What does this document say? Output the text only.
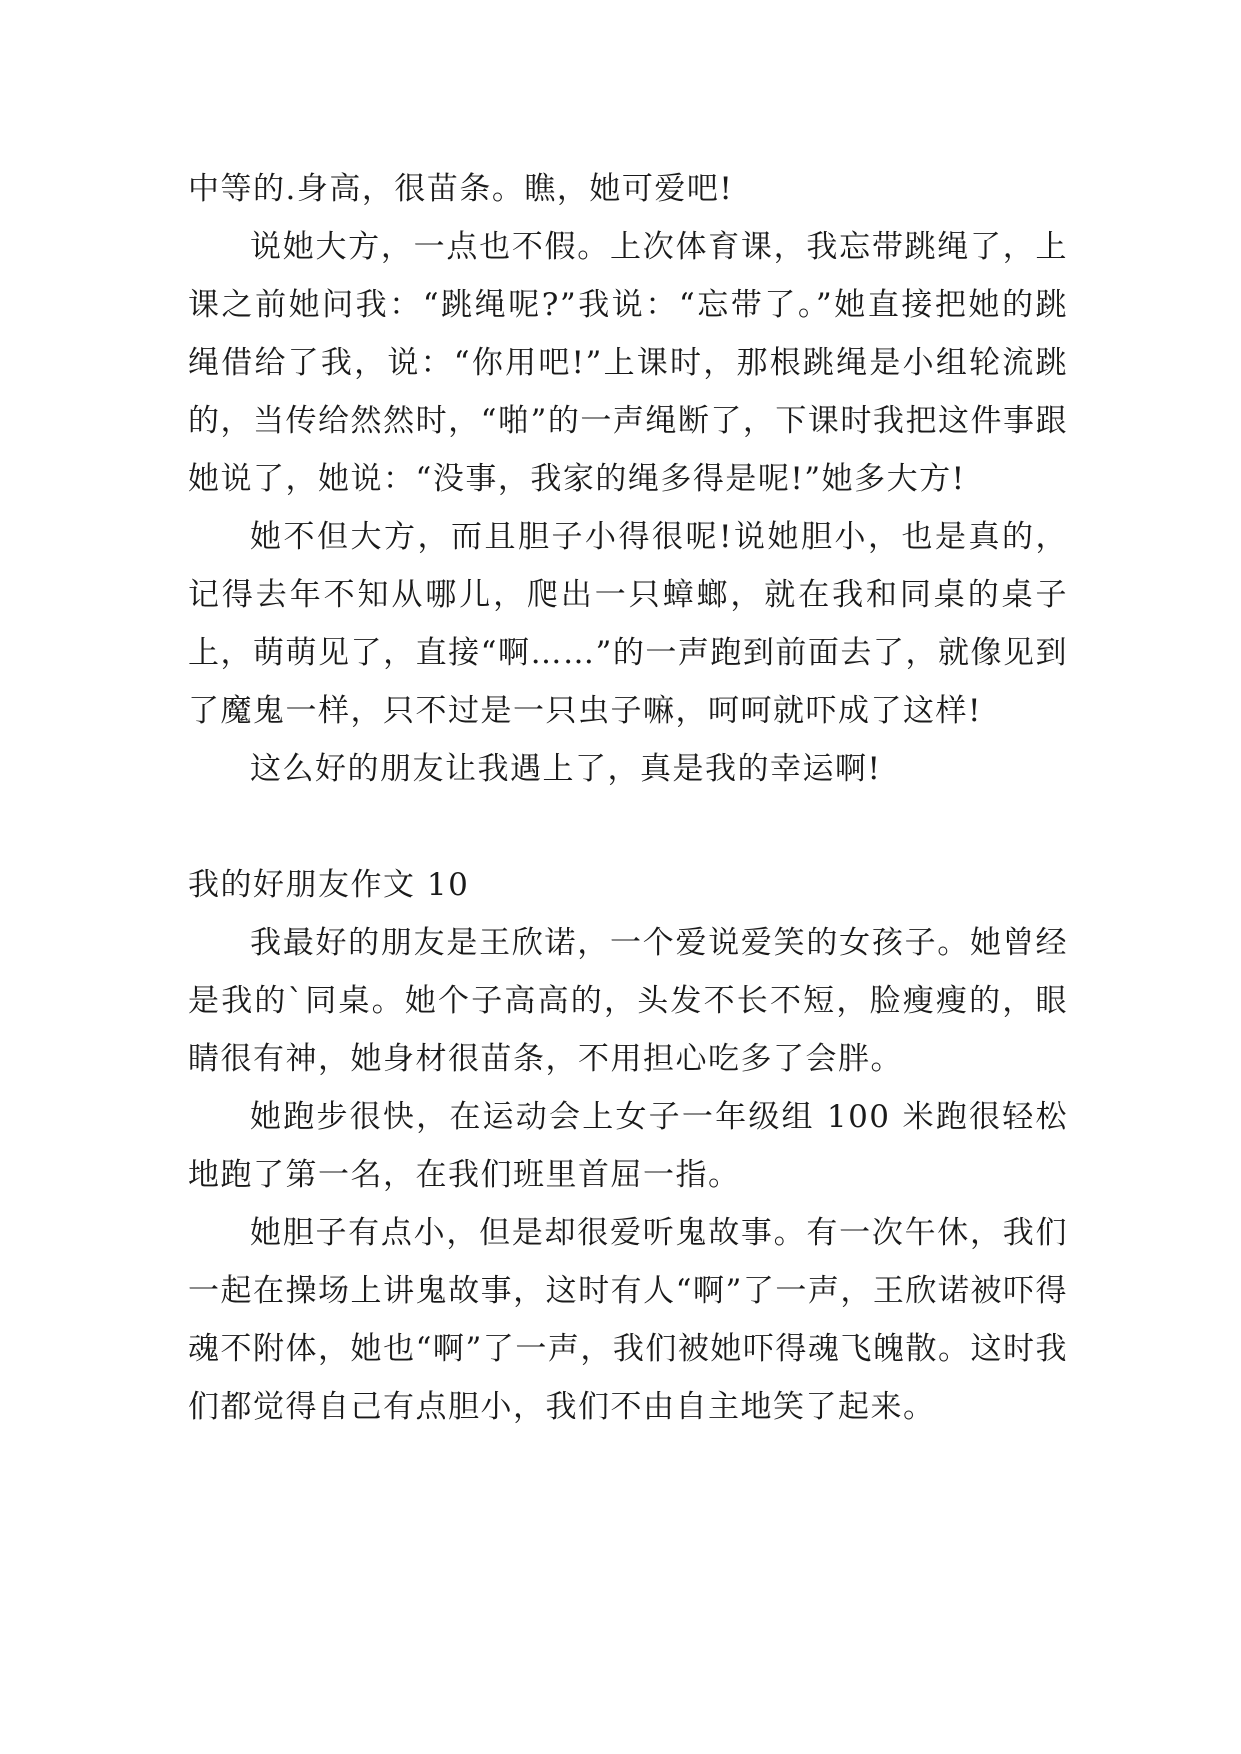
中等的.身高，很苗条。瞧，她可爱吧!

说她大方，一点也不假。上次体育课，我忘带跳绳了，上课之前她问我：“跳绳呢?”我说：“忘带了。”她直接把她的跳绳借给了我，说：“你用吧!”上课时，那根跳绳是小组轮流跳的，当传给然然时，“啪”的一声绳断了，下课时我把这件事跟她说了，她说：“没事，我家的绳多得是呢!”她多大方!

她不但大方，而且胆子小得很呢!说她胆小，也是真的，记得去年不知从哪儿，爬出一只蟑螂，就在我和同桌的桌子上，萌萌见了，直接“啊……”的一声跑到前面去了，就像见到了魔鬼一样，只不过是一只虫子嘛，呵呵就吓成了这样!

这么好的朋友让我遇上了，真是我的幸运啊!

我的好朋友作文 10

我最好的朋友是王欣诺，一个爱说爱笑的女孩子。她曾经是我的`同桌。她个子高高的，头发不长不短，脸瘦瘦的，眼睛很有神，她身材很苗条，不用担心吃多了会胖。

她跑步很快，在运动会上女子一年级组 100 米跑很轻松地跑了第一名，在我们班里首屈一指。

她胆子有点小，但是却很爱听鬼故事。有一次午休，我们一起在操场上讲鬼故事，这时有人“啊”了一声，王欣诺被吓得魂不附体，她也“啊”了一声，我们被她吓得魂飞魄散。这时我们都觉得自己有点胆小，我们不由自主地笑了起来。
